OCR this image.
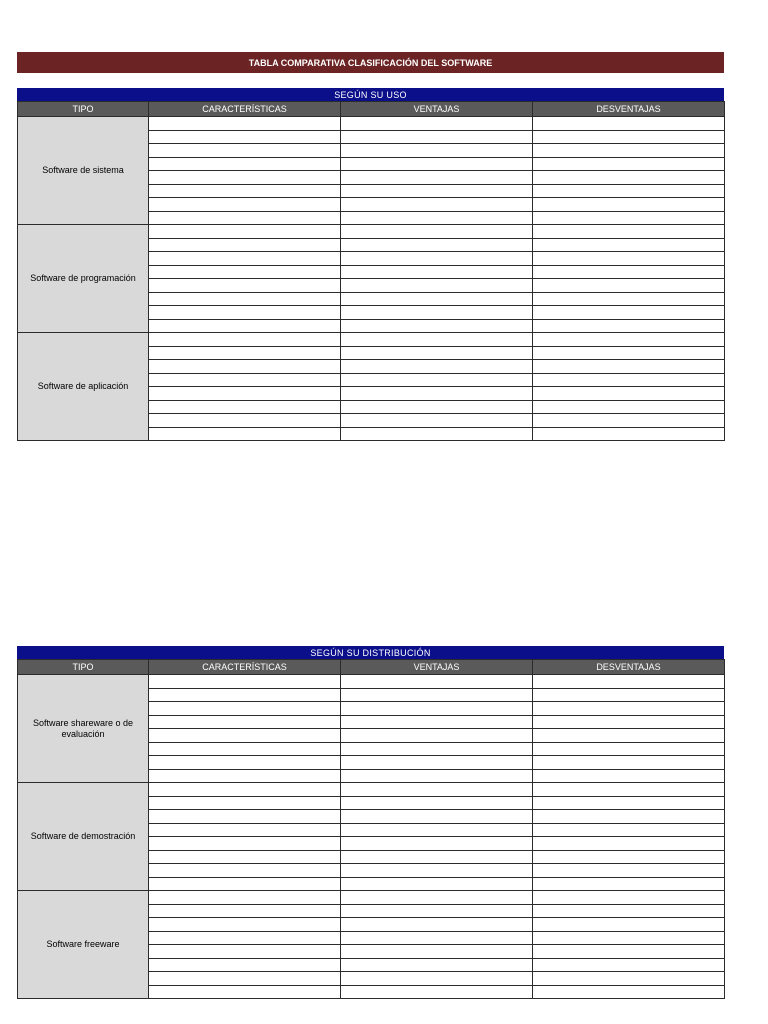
TABLA COMPARATIVA CLASIFICACIÓN DEL SOFTWARE
SEGÚN SU USO
TIPO	CARACTERÍSTICAS	VENTAJAS	DESVENTAJAS
Software de sistema			

Software de programación			

Software de aplicación			

SEGÚN SU DISTRIBUCIÓN
TIPO	CARACTERÍSTICAS	VENTAJAS	DESVENTAJAS
Software shareware o de evaluación			

Software de demostración			

Software freeware			
